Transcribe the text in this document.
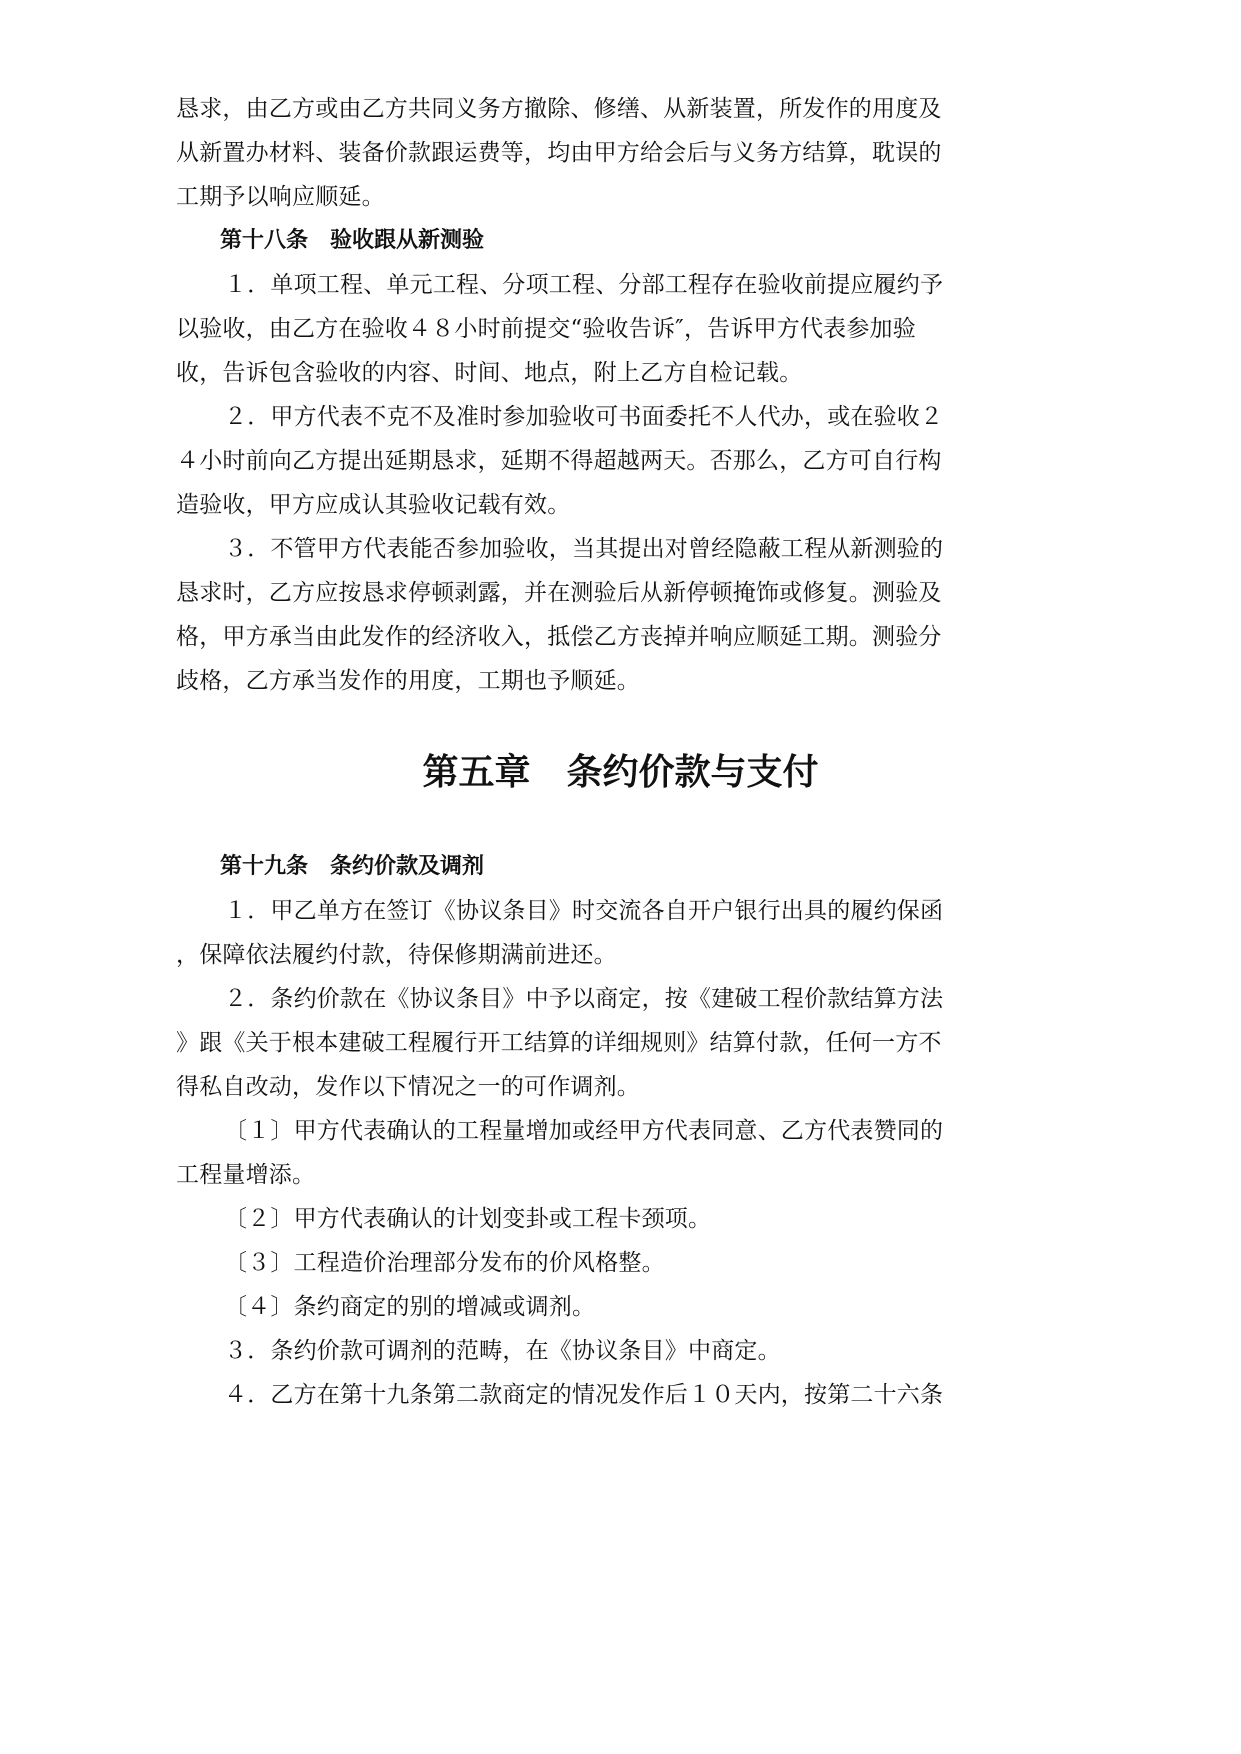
恳求，由乙方或由乙方共同义务方撤除、修缮、从新装置，所发作的用度及
从新置办材料、装备价款跟运费等，均由甲方给会后与义务方结算，耽误的
工期予以响应顺延。
第十八条　验收跟从新测验
１．单项工程、单元工程、分项工程、分部工程存在验收前提应履约予
以验收，由乙方在验收４８小时前提交“验收告诉″，告诉甲方代表参加验
收，告诉包含验收的内容、时间、地点，附上乙方自检记载。
２．甲方代表不克不及准时参加验收可书面委托不人代办，或在验收２
４小时前向乙方提出延期恳求，延期不得超越两天。否那么，乙方可自行构
造验收，甲方应成认其验收记载有效。
３．不管甲方代表能否参加验收，当其提出对曾经隐蔽工程从新测验的
恳求时，乙方应按恳求停顿剥露，并在测验后从新停顿掩饰或修复。测验及
格，甲方承当由此发作的经济收入，抵偿乙方丧掉并响应顺延工期。测验分
歧格，乙方承当发作的用度，工期也予顺延。
第五章　条约价款与支付
第十九条　条约价款及调剂
１．甲乙单方在签订《协议条目》时交流各自开户银行出具的履约保函
，保障依法履约付款，待保修期满前进还。
２．条约价款在《协议条目》中予以商定，按《建破工程价款结算方法
》跟《关于根本建破工程履行开工结算的详细规则》结算付款，任何一方不
得私自改动，发作以下情况之一的可作调剂。
〔１〕甲方代表确认的工程量增加或经甲方代表同意、乙方代表赞同的
工程量增添。
〔２〕甲方代表确认的计划变卦或工程卡颈项。
〔３〕工程造价治理部分发布的价风格整。
〔４〕条约商定的别的增减或调剂。
３．条约价款可调剂的范畴，在《协议条目》中商定。
４．乙方在第十九条第二款商定的情况发作后１０天内，按第二十六条
